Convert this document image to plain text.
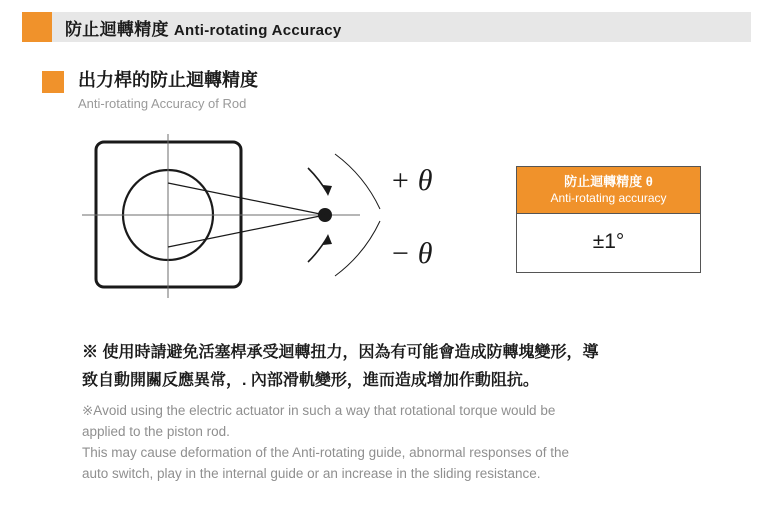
防止迴轉精度 Anti-rotating Accuracy
出力桿的防止迴轉精度
Anti-rotating Accuracy of Rod
+ θ
− θ
防止迴轉精度 θ
Anti-rotating accuracy
±1°
※ 使用時請避免活塞桿承受迴轉扭力，因為有可能會造成防轉塊變形，導
致自動開關反應異常，. 內部滑軌變形，進而造成增加作動阻抗。
※Avoid using the electric actuator in such a way that rotational torque would be
applied to the piston rod.
This may cause deformation of the Anti-rotating guide, abnormal responses of the
auto switch, play in the internal guide or an increase in the sliding resistance.
